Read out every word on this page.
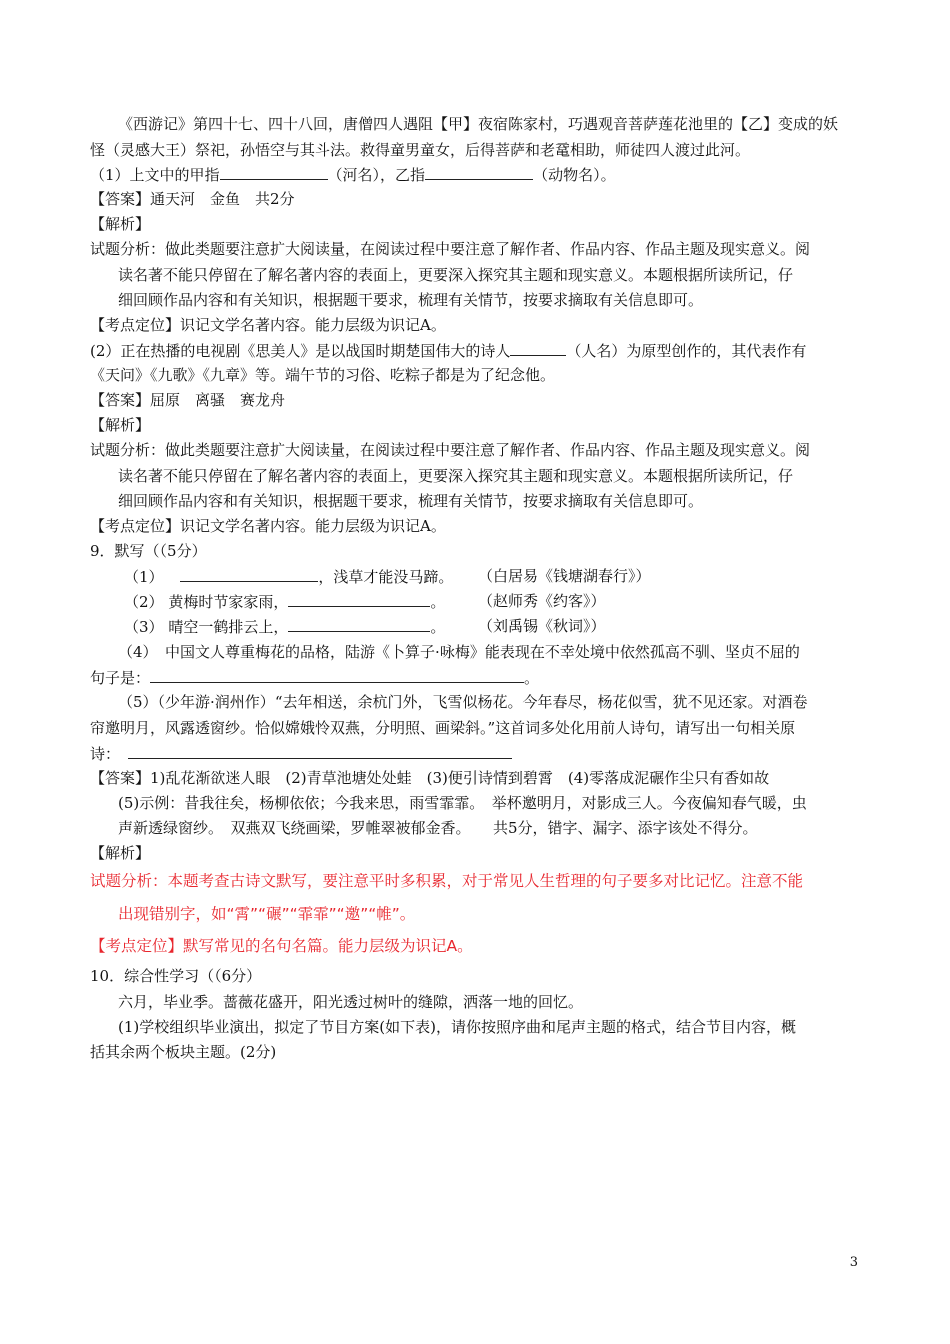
《西游记》第四十七、四十八回，唐僧四人遇阻【甲】夜宿陈家村，巧遇观音菩萨莲花池里的【乙】变成的妖
怪（灵感大王）祭祀，孙悟空与其斗法。救得童男童女，后得菩萨和老鼋相助，师徒四人渡过此河。
（1）上文中的甲指	（河名），乙指	（动物名）。
【答案】通天河　金鱼　共2分
【解析】
试题分析：做此类题要注意扩大阅读量，在阅读过程中要注意了解作者、作品内容、作品主题及现实意义。阅
读名著不能只停留在了解名著内容的表面上，更要深入探究其主题和现实意义。本题根据所读所记，仔
细回顾作品内容和有关知识，根据题干要求，梳理有关情节，按要求摘取有关信息即可。
【考点定位】识记文学名著内容。能力层级为识记A。
(2）正在热播的电视剧《思美人》是以战国时期楚国伟大的诗人	（人名）为原型创作的，其代表作有
《天问》《九歌》《九章》等。端午节的习俗、吃粽子都是为了纪念他。
【答案】屈原　离骚　赛龙舟
【解析】
试题分析：做此类题要注意扩大阅读量，在阅读过程中要注意了解作者、作品内容、作品主题及现实意义。阅
读名著不能只停留在了解名著内容的表面上，更要深入探究其主题和现实意义。本题根据所读所记，仔
细回顾作品内容和有关知识，根据题干要求，梳理有关情节，按要求摘取有关信息即可。
【考点定位】识记文学名著内容。能力层级为识记A。
9．默写（（5分）
（1）	，浅草才能没马蹄。 （白居易《钱塘湖春行》）
（2） 黄梅时节家家雨，	。 （赵师秀《约客》）
（3） 晴空一鹤排云上，	。 （刘禹锡《秋词》）
（4）　中国文人尊重梅花的品格，陆游《卜算子·咏梅》能表现在不幸处境中依然孤高不驯、坚贞不屈的
句子是：	。
（5）（少年游·润州作）“去年相送，余杭门外，飞雪似杨花。今年春尽，杨花似雪，犹不见还家。对酒卷
帘邀明月，风露透窗纱。恰似嫦娥怜双燕，分明照、画梁斜。”这首词多处化用前人诗句，请写出一句相关原
诗：
【答案】1)乱花渐欲迷人眼　(2)青草池塘处处蛙　(3)便引诗情到碧霄　(4)零落成泥碾作尘只有香如故
(5)示例：昔我往矣，杨柳依依；今我来思，雨雪霏霏。　举杯邀明月，对影成三人。今夜偏知春气暖，虫
声新透绿窗纱。　双燕双飞绕画梁，罗帷翠被郁金香。　　共5分，错字、漏字、添字该处不得分。
【解析】
试题分析：本题考查古诗文默写，要注意平时多积累，对于常见人生哲理的句子要多对比记忆。注意不能
出现错别字，如“霄”“碾”“霏霏”“邀”“帷”。
【考点定位】默写常见的名句名篇。能力层级为识记A。
10．综合性学习（（6分）
六月，毕业季。蔷薇花盛开，阳光透过树叶的缝隙，洒落一地的回忆。
(1)学校组织毕业演出，拟定了节目方案(如下表)，请你按照序曲和尾声主题的格式，结合节目内容，概
括其余两个板块主题。(2分)
3
